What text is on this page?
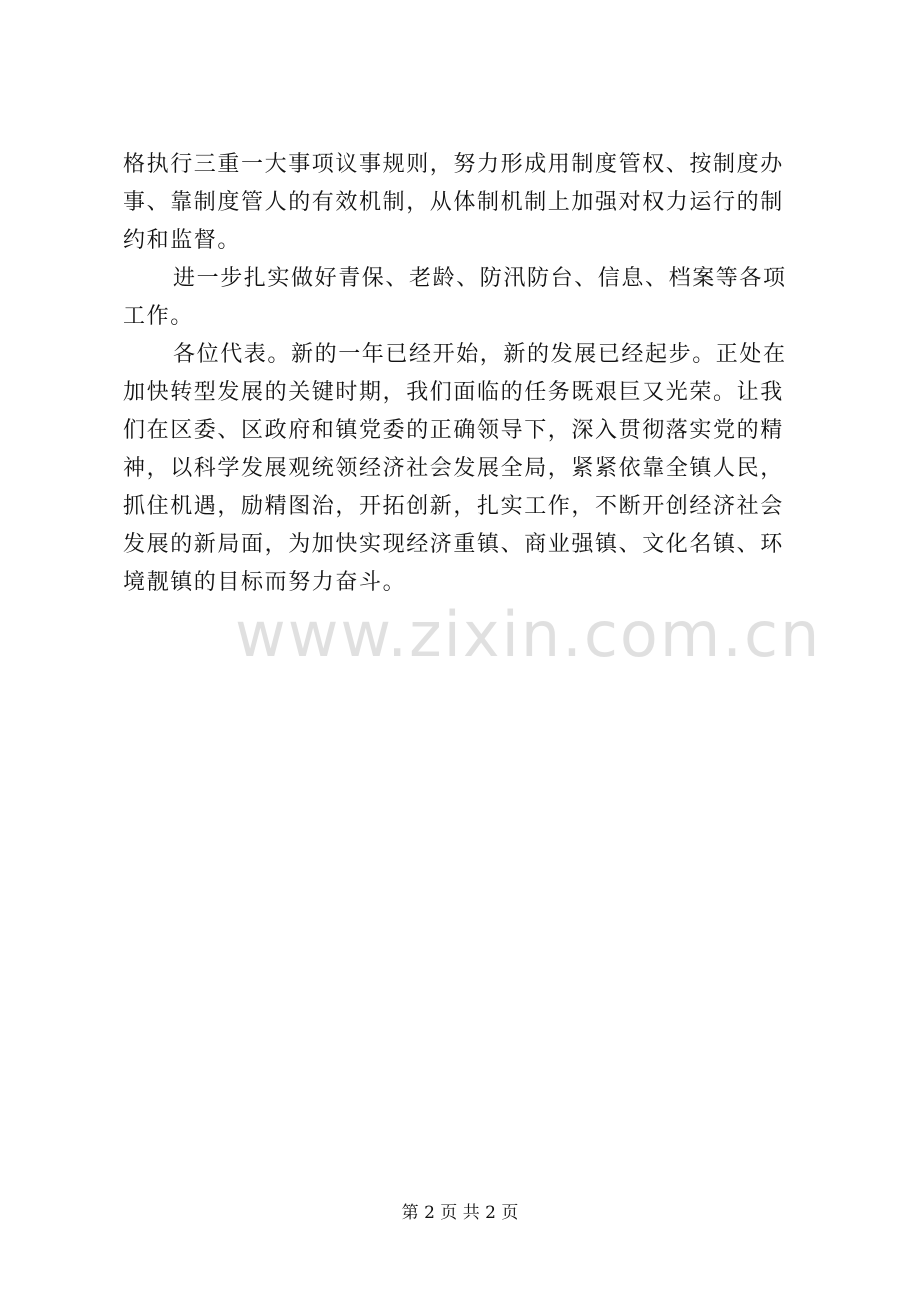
格执行三重一大事项议事规则，努力形成用制度管权、按制度办
事、靠制度管人的有效机制，从体制机制上加强对权力运行的制
约和监督。
进一步扎实做好青保、老龄、防汛防台、信息、档案等各项
工作。
各位代表。新的一年已经开始，新的发展已经起步。正处在
加快转型发展的关键时期，我们面临的任务既艰巨又光荣。让我
们在区委、区政府和镇党委的正确领导下，深入贯彻落实党的精
神，以科学发展观统领经济社会发展全局，紧紧依靠全镇人民，
抓住机遇，励精图治，开拓创新，扎实工作，不断开创经济社会
发展的新局面，为加快实现经济重镇、商业强镇、文化名镇、环
境靓镇的目标而努力奋斗。
www.zixin.com.cn
第 2 页 共 2 页
